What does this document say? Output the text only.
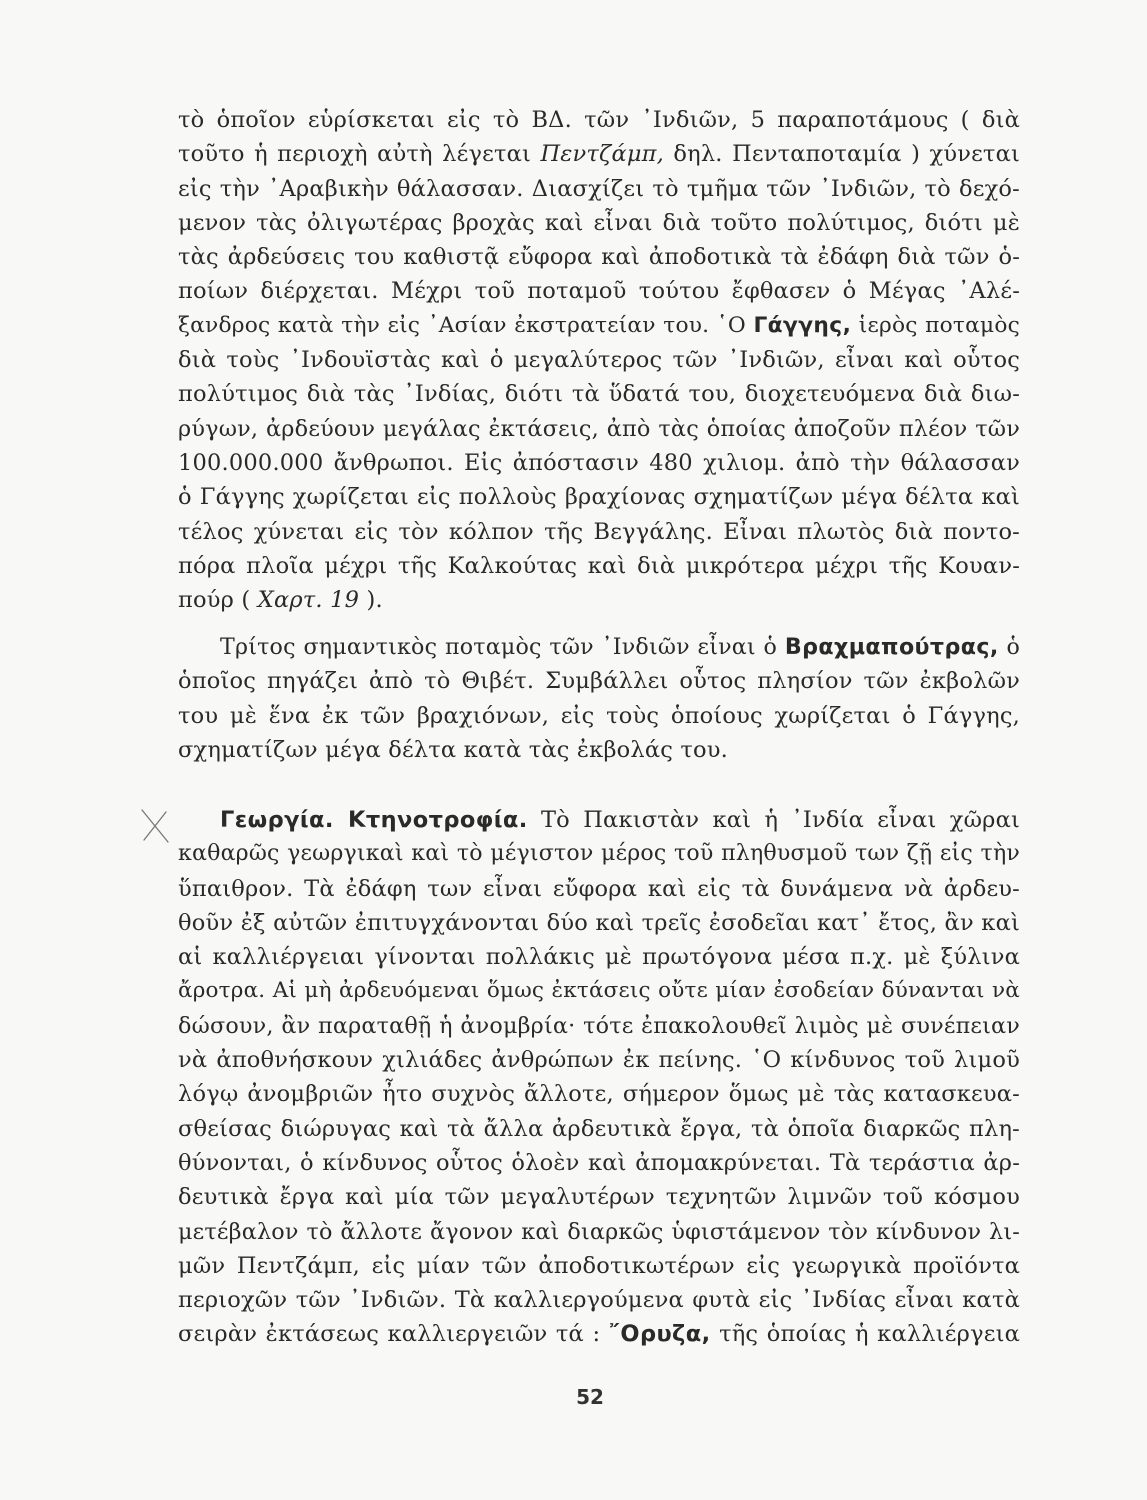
τὸ ὁποῖον εὑρίσκεται εἰς τὸ ΒΔ. τῶν ᾿Ινδιῶν, 5 παραποτάμους ( διὰ
τοῦτο ἡ περιοχὴ αὐτὴ λέγεται Πεντζάμπ, δηλ. Πενταποταμία ) χύνεται
εἰς τὴν ᾿Αραβικὴν θάλασσαν. Διασχίζει τὸ τμῆμα τῶν ᾿Ινδιῶν, τὸ δεχό-
μενον τὰς ὀλιγωτέρας βροχὰς καὶ εἶναι διὰ τοῦτο πολύτιμος, διότι μὲ
τὰς ἀρδεύσεις του καθιστᾷ εὔφορα καὶ ἀποδοτικὰ τὰ ἐδάφη διὰ τῶν ὁ-
ποίων διέρχεται. Μέχρι τοῦ ποταμοῦ τούτου ἔφθασεν ὁ Μέγας ᾿Αλέ-
ξανδρος κατὰ τὴν εἰς ᾿Ασίαν ἐκστρατείαν του. ῾Ο Γάγγης, ἱερὸς ποταμὸς
διὰ τοὺς ᾿Ινδουϊστὰς καὶ ὁ μεγαλύτερος τῶν ᾿Ινδιῶν, εἶναι καὶ οὗτος
πολύτιμος διὰ τὰς ᾿Ινδίας, διότι τὰ ὕδατά του, διοχετευόμενα διὰ διω-
ρύγων, ἀρδεύουν μεγάλας ἐκτάσεις, ἀπὸ τὰς ὁποίας ἀποζοῦν πλέον τῶν
100.000.000 ἄνθρωποι. Εἰς ἀπόστασιν 480 χιλιομ. ἀπὸ τὴν θάλασσαν
ὁ Γάγγης χωρίζεται εἰς πολλοὺς βραχίονας σχηματίζων μέγα δέλτα καὶ
τέλος χύνεται εἰς τὸν κόλπον τῆς Βεγγάλης. Εἶναι πλωτὸς διὰ ποντο-
πόρα πλοῖα μέχρι τῆς Καλκούτας καὶ διὰ μικρότερα μέχρι τῆς Κουαν-
πούρ ( Χαρτ. 19 ).
Τρίτος σημαντικὸς ποταμὸς τῶν ᾿Ινδιῶν εἶναι ὁ Βραχμαπούτρας, ὁ
ὁποῖος πηγάζει ἀπὸ τὸ Θιβέτ. Συμβάλλει οὗτος πλησίον τῶν ἐκβολῶν
του μὲ ἕνα ἐκ τῶν βραχιόνων, εἰς τοὺς ὁποίους χωρίζεται ὁ Γάγγης,
σχηματίζων μέγα δέλτα κατὰ τὰς ἐκβολάς του.
Γεωργία. Κτηνοτροφία. Τὸ Πακιστὰν καὶ ἡ ᾿Ινδία εἶναι χῶραι
καθαρῶς γεωργικαὶ καὶ τὸ μέγιστον μέρος τοῦ πληθυσμοῦ των ζῇ εἰς τὴν
ὕπαιθρον. Τὰ ἐδάφη των εἶναι εὔφορα καὶ εἰς τὰ δυνάμενα νὰ ἀρδευ-
θοῦν ἐξ αὐτῶν ἐπιτυγχάνονται δύο καὶ τρεῖς ἐσοδεῖαι κατ᾿ ἔτος, ἂν καὶ
αἱ καλλιέργειαι γίνονται πολλάκις μὲ πρωτόγονα μέσα π.χ. μὲ ξύλινα
ἄροτρα. Αἱ μὴ ἀρδευόμεναι ὅμως ἐκτάσεις οὔτε μίαν ἐσοδείαν δύνανται νὰ
δώσουν, ἂν παραταθῇ ἡ ἀνομβρία· τότε ἐπακολουθεῖ λιμὸς μὲ συνέπειαν
νὰ ἀποθνήσκουν χιλιάδες ἀνθρώπων ἐκ πείνης. ῾Ο κίνδυνος τοῦ λιμοῦ
λόγῳ ἀνομβριῶν ἦτο συχνὸς ἄλλοτε, σήμερον ὅμως μὲ τὰς κατασκευα-
σθείσας διώρυγας καὶ τὰ ἄλλα ἀρδευτικὰ ἔργα, τὰ ὁποῖα διαρκῶς πλη-
θύνονται, ὁ κίνδυνος οὗτος ὁλοὲν καὶ ἀπομακρύνεται. Τὰ τεράστια ἀρ-
δευτικὰ ἔργα καὶ μία τῶν μεγαλυτέρων τεχνητῶν λιμνῶν τοῦ κόσμου
μετέβαλον τὸ ἄλλοτε ἄγονον καὶ διαρκῶς ὑφιστάμενον τὸν κίνδυνον λι-
μῶν Πεντζάμπ, εἰς μίαν τῶν ἀποδοτικωτέρων εἰς γεωργικὰ προϊόντα
περιοχῶν τῶν ᾿Ινδιῶν. Τὰ καλλιεργούμενα φυτὰ εἰς ᾿Ινδίας εἶναι κατὰ
σειρὰν ἐκτάσεως καλλιεργειῶν τά : ῎Ορυζα, τῆς ὁποίας ἡ καλλιέργεια
52
